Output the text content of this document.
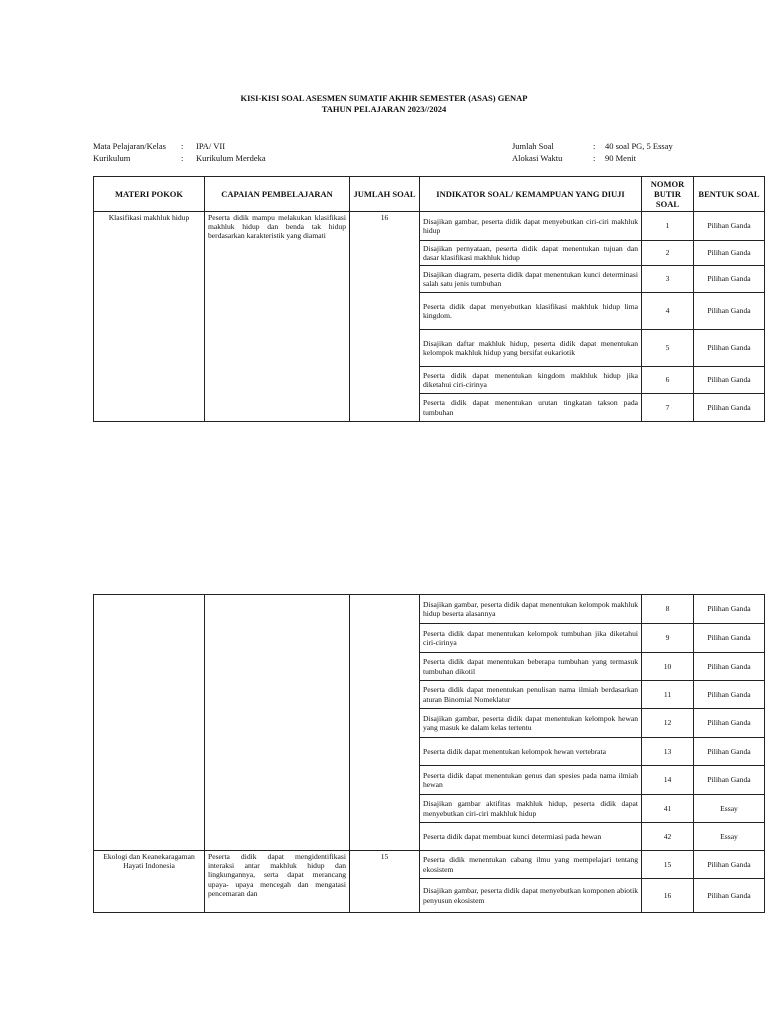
KISI-KISI SOAL ASESMEN SUMATIF AKHIR SEMESTER (ASAS) GENAP
TAHUN PELAJARAN 2023//2024
Mata Pelajaran/Kelas : IPA/ VII
Kurikulum	: Kurikulum Merdeka
Jumlah Soal	: 40 soal PG, 5 Essay
Alokasi Waktu	: 90 Menit
MATERI POKOK	CAPAIAN PEMBELAJARAN	JUMLAH SOAL	INDIKATOR SOAL/ KEMAMPUAN YANG DIUJI	NOMOR BUTIR SOAL	BENTUK SOAL
Klasifikasi makhluk hidup	Peserta didik mampu melakukan klasifikasi makhluk hidup dan benda tak hidup berdasarkan karakteristik yang diamati	16	Disajikan gambar, peserta didik dapat menyebutkan ciri-ciri makhluk hidup	1	Pilihan Ganda
			Disajikan pernyataan, peserta didik dapat menentukan tujuan dan dasar klasifikasi makhluk hidup	2	Pilihan Ganda
			Disajikan diagram, peserta didik dapat menentukan kunci determinasi salah satu jenis tumbuhan	3	Pilihan Ganda
			Peserta didik dapat menyebutkan klasifikasi makhluk hidup lima kingdom.	4	Pilihan Ganda
			Disajikan daftar makhluk hidup, peserta didik dapat menentukan kelompok makhluk hidup yang bersifat eukariotik	5	Pilihan Ganda
			Peserta didik dapat menentukan kingdom makhluk hidup jika diketahui ciri-cirinya	6	Pilihan Ganda
			Peserta didik dapat menentukan urutan tingkatan takson pada tumbuhan	7	Pilihan Ganda
			Disajikan gambar, peserta didik dapat menentukan kelompok makhluk hidup beserta alasannya	8	Pilihan Ganda
			Peserta didik dapat menentukan kelompok tumbuhan jika diketahui ciri-cirinya	9	Pilihan Ganda
			Peserta didik dapat menentukan beberapa tumbuhan yang termasuk tumbuhan dikotil	10	Pilihan Ganda
			Peserta didik dapat menentukan penulisan nama ilmiah berdasarkan aturan Binomial Nomeklatur	11	Pilihan Ganda
			Disajikan gambar, peserta didik dapat menentukan kelompok hewan yang masuk ke dalam kelas tertentu	12	Pilihan Ganda
			Peserta didik dapat menentukan kelompok hewan vertebrata	13	Pilihan Ganda
			Peserta didik dapat menentukan genus dan spesies pada nama ilmiah hewan	14	Pilihan Ganda
			Disajikan gambar aktifitas makhluk hidup, peserta didik dapat menyebutkan ciri-ciri makhluk hidup	41	Essay
			Peserta didik dapat membuat kunci determiasi pada hewan	42	Essay
Ekologi dan Keanekaragaman Hayati Indonesia	Peserta didik dapat mengidentifikasi interaksi antar makhluk hidup dan lingkungannya, serta dapat merancang upaya- upaya mencegah dan mengatasi pencemaran dan	15	Peserta didik menentukan cabang ilmu yang mempelajari tentang ekosistem	15	Pilihan Ganda
			Disajikan gambar, peserta didik dapat menyebutkan komponen abiotik penyusun ekosistem	16	Pilihan Ganda
